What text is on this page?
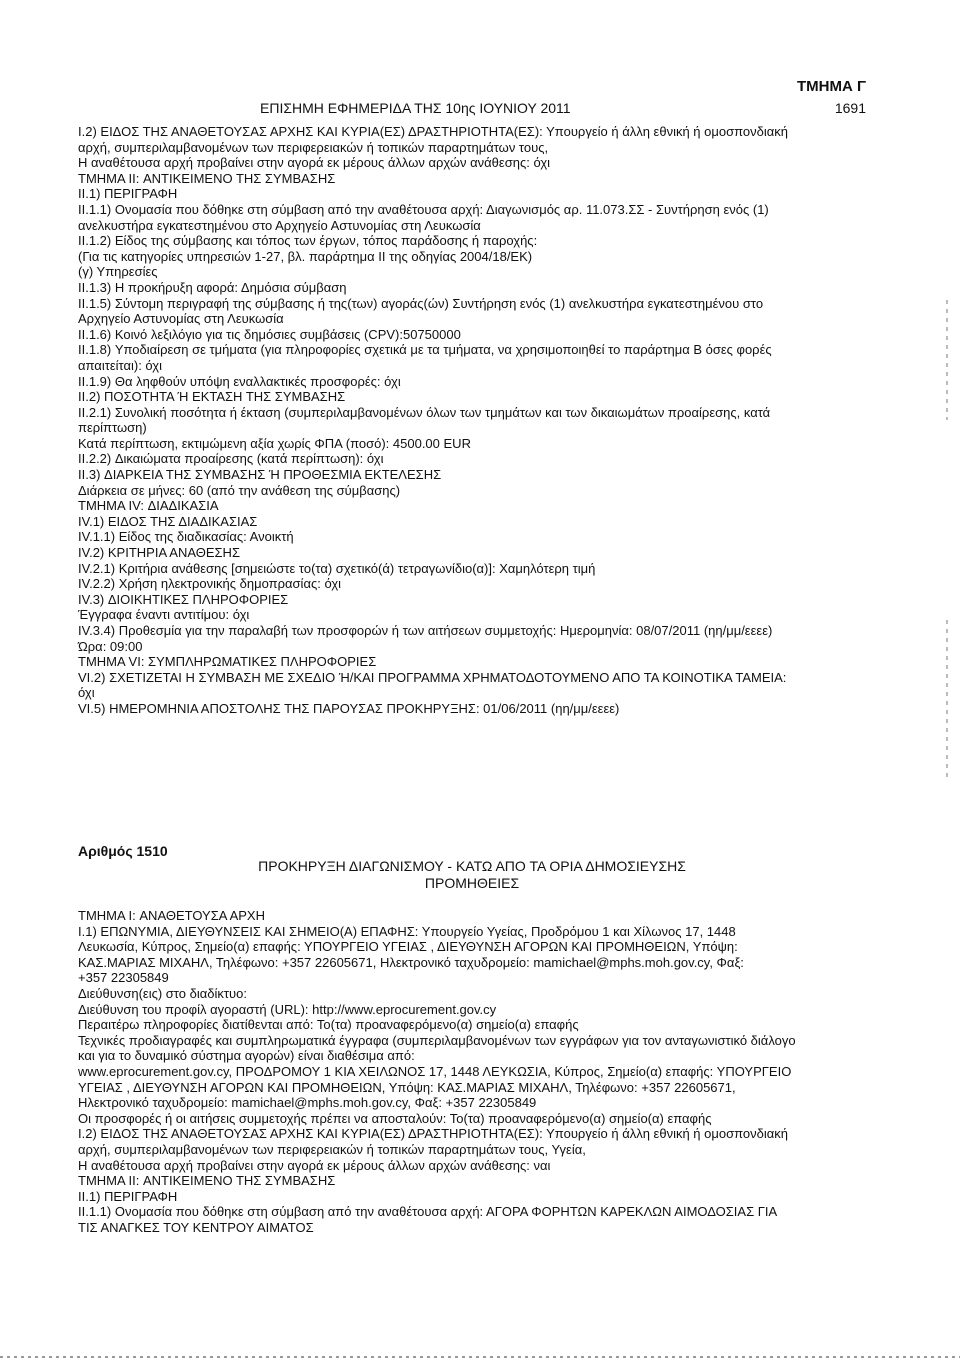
ΤΜΗΜΑ Γ
ΕΠΙΣΗΜΗ ΕΦΗΜΕΡΙΔΑ ΤΗΣ 10ης ΙΟΥΝΙΟΥ 2011	1691

I.2) ΕΙΔΟΣ ΤΗΣ ΑΝΑΘΕΤΟΥΣΑΣ ΑΡΧΗΣ ΚΑΙ ΚΥΡΙΑ(ΕΣ) ΔΡΑΣΤΗΡΙΟΤΗΤΑ(ΕΣ): Υπουργείο ή άλλη εθνική ή ομοσπονδιακή

αρχή, συμπεριλαμβανομένων των περιφερειακών ή τοπικών παραρτημάτων τους,

Η αναθέτουσα αρχή προβαίνει στην αγορά εκ μέρους άλλων αρχών ανάθεσης: όχι

ΤΜΗΜΑ II: ΑΝΤΙΚΕΙΜΕΝΟ ΤΗΣ ΣΥΜΒΑΣΗΣ

II.1) ΠΕΡΙΓΡΑΦΗ

II.1.1) Ονομασία που δόθηκε στη σύμβαση από την αναθέτουσα αρχή: Διαγωνισμός αρ. 11.073.ΣΣ - Συντήρηση ενός (1)

ανελκυστήρα εγκατεστημένου στο Αρχηγείο Αστυνομίας στη Λευκωσία

II.1.2) Είδος της σύμβασης και τόπος των έργων, τόπος παράδοσης ή παροχής:

(Για τις κατηγορίες υπηρεσιών 1-27, βλ. παράρτημα II της οδηγίας 2004/18/ΕΚ)

(γ) Υπηρεσίες

II.1.3) Η προκήρυξη αφορά: Δημόσια σύμβαση

II.1.5) Σύντομη περιγραφή της σύμβασης ή της(των) αγοράς(ών) Συντήρηση ενός (1) ανελκυστήρα εγκατεστημένου στο

Αρχηγείο Αστυνομίας στη Λευκωσία

II.1.6) Κοινό λεξιλόγιο για τις δημόσιες συμβάσεις (CPV):50750000

II.1.8) Υποδιαίρεση σε τμήματα (για πληροφορίες σχετικά με τα τμήματα, να χρησιμοποιηθεί το παράρτημα Β όσες φορές

απαιτείται): όχι

II.1.9) Θα ληφθούν υπόψη εναλλακτικές προσφορές: όχι

II.2) ΠΟΣΟΤΗΤΑ Ή ΕΚΤΑΣΗ ΤΗΣ ΣΥΜΒΑΣΗΣ

II.2.1) Συνολική ποσότητα ή έκταση (συμπεριλαμβανομένων όλων των τμημάτων και των δικαιωμάτων προαίρεσης, κατά

περίπτωση)

Κατά περίπτωση, εκτιμώμενη αξία χωρίς ΦΠΑ (ποσό): 4500.00 EUR

II.2.2) Δικαιώματα προαίρεσης (κατά περίπτωση): όχι

II.3) ΔΙΑΡΚΕΙΑ ΤΗΣ ΣΥΜΒΑΣΗΣ Ή ΠΡΟΘΕΣΜΙΑ ΕΚΤΕΛΕΣΗΣ

Διάρκεια σε μήνες: 60 (από την ανάθεση της σύμβασης)

ΤΜΗΜΑ IV: ΔΙΑΔΙΚΑΣΙΑ

IV.1) ΕΙΔΟΣ ΤΗΣ ΔΙΑΔΙΚΑΣΙΑΣ

IV.1.1) Είδος της διαδικασίας: Ανοικτή

IV.2) ΚΡΙΤΗΡΙΑ ΑΝΑΘΕΣΗΣ

IV.2.1) Κριτήρια ανάθεσης [σημειώστε το(τα) σχετικό(ά) τετραγωνίδιο(α)]: Χαμηλότερη τιμή

IV.2.2) Χρήση ηλεκτρονικής δημοπρασίας: όχι

IV.3) ΔΙΟΙΚΗΤΙΚΕΣ ΠΛΗΡΟΦΟΡΙΕΣ

Έγγραφα έναντι αντιτίμου: όχι

IV.3.4) Προθεσμία για την παραλαβή των προσφορών ή των αιτήσεων συμμετοχής: Ημερομηνία: 08/07/2011 (ηη/μμ/εεεε)

Ώρα: 09:00

ΤΜΗΜΑ VI: ΣΥΜΠΛΗΡΩΜΑΤΙΚΕΣ ΠΛΗΡΟΦΟΡΙΕΣ

VI.2) ΣΧΕΤΙΖΕΤΑΙ Η ΣΥΜΒΑΣΗ ΜΕ ΣΧΕΔΙΟ Ή/ΚΑΙ ΠΡΟΓΡΑΜΜΑ ΧΡΗΜΑΤΟΔΟΤΟΥΜΕΝΟ ΑΠΟ ΤΑ ΚΟΙΝΟΤΙΚΑ ΤΑΜΕΙΑ:

όχι

VI.5) ΗΜΕΡΟΜΗΝΙΑ ΑΠΟΣΤΟΛΗΣ ΤΗΣ ΠΑΡΟΥΣΑΣ ΠΡΟΚΗΡΥΞΗΣ: 01/06/2011 (ηη/μμ/εεεε)

Αριθμός 1510
ΠΡΟΚΗΡΥΞΗ ΔΙΑΓΩΝΙΣΜΟΥ - ΚΑΤΩ ΑΠΟ ΤΑ ΟΡΙΑ ΔΗΜΟΣΙΕΥΣΗΣ
ΠΡΟΜΗΘΕΙΕΣ

ΤΜΗΜΑ I: ΑΝΑΘΕΤΟΥΣΑ ΑΡΧΗ

I.1) ΕΠΩΝΥΜΙΑ, ΔΙΕΥΘΥΝΣΕΙΣ ΚΑΙ ΣΗΜΕΙΟ(Α) ΕΠΑΦΗΣ: Υπουργείο Υγείας, Προδρόμου 1 και Χίλωνος 17, 1448

Λευκωσία, Κύπρος, Σημείο(α) επαφής: ΥΠΟΥΡΓΕΙΟ ΥΓΕΙΑΣ , ΔΙΕΥΘΥΝΣΗ ΑΓΟΡΩΝ ΚΑΙ ΠΡΟΜΗΘΕΙΩΝ, Υπόψη:

ΚΑΣ.ΜΑΡΙΑΣ ΜΙΧΑΗΛ, Τηλέφωνο: +357 22605671, Ηλεκτρονικό ταχυδρομείο: mamichael@mphs.moh.gov.cy, Φαξ:

+357 22305849

Διεύθυνση(εις) στο διαδίκτυο:

Διεύθυνση του προφίλ αγοραστή (URL): http://www.eprocurement.gov.cy

Περαιτέρω πληροφορίες διατίθενται από: Το(τα) προαναφερόμενο(α) σημείο(α) επαφής

Τεχνικές προδιαγραφές και συμπληρωματικά έγγραφα (συμπεριλαμβανομένων των εγγράφων για τον ανταγωνιστικό διάλογο

και για το δυναμικό σύστημα αγορών) είναι διαθέσιμα από:

www.eprocurement.gov.cy, ΠΡΟΔΡΟΜΟΥ 1 ΚΙΑ ΧΕΙΛΩΝΟΣ 17, 1448 ΛΕΥΚΩΣΙΑ, Κύπρος, Σημείο(α) επαφής: ΥΠΟΥΡΓΕΙΟ

ΥΓΕΙΑΣ , ΔΙΕΥΘΥΝΣΗ ΑΓΟΡΩΝ ΚΑΙ ΠΡΟΜΗΘΕΙΩΝ, Υπόψη: ΚΑΣ.ΜΑΡΙΑΣ ΜΙΧΑΗΛ, Τηλέφωνο: +357 22605671,

Ηλεκτρονικό ταχυδρομείο: mamichael@mphs.moh.gov.cy, Φαξ: +357 22305849

Οι προσφορές ή οι αιτήσεις συμμετοχής πρέπει να αποσταλούν: Το(τα) προαναφερόμενο(α) σημείο(α) επαφής

I.2) ΕΙΔΟΣ ΤΗΣ ΑΝΑΘΕΤΟΥΣΑΣ ΑΡΧΗΣ ΚΑΙ ΚΥΡΙΑ(ΕΣ) ΔΡΑΣΤΗΡΙΟΤΗΤΑ(ΕΣ): Υπουργείο ή άλλη εθνική ή ομοσπονδιακή

αρχή, συμπεριλαμβανομένων των περιφερειακών ή τοπικών παραρτημάτων τους, Υγεία,

Η αναθέτουσα αρχή προβαίνει στην αγορά εκ μέρους άλλων αρχών ανάθεσης: ναι

ΤΜΗΜΑ II: ΑΝΤΙΚΕΙΜΕΝΟ ΤΗΣ ΣΥΜΒΑΣΗΣ

II.1) ΠΕΡΙΓΡΑΦΗ

II.1.1) Ονομασία που δόθηκε στη σύμβαση από την αναθέτουσα αρχή: ΑΓΟΡΑ ΦΟΡΗΤΩΝ ΚΑΡΕΚΛΩΝ ΑΙΜΟΔΟΣΙΑΣ ΓΙΑ

ΤΙΣ ΑΝΑΓΚΕΣ ΤΟΥ ΚΕΝΤΡΟΥ ΑΙΜΑΤΟΣ
